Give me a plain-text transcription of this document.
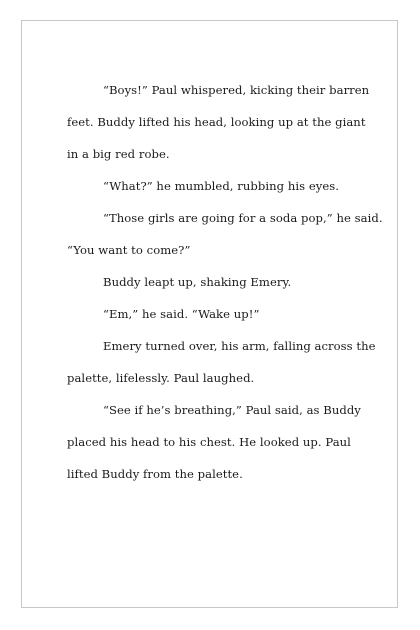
“Boys!” Paul whispered, kicking their barren
feet. Buddy lifted his head, looking up at the giant
in a big red robe.
“What?” he mumbled, rubbing his eyes.
“Those girls are going for a soda pop,” he said.
“You want to come?”
Buddy leapt up, shaking Emery.
“Em,” he said. “Wake up!”
Emery turned over, his arm, falling across the
palette, lifelessly. Paul laughed.
“See if he’s breathing,” Paul said, as Buddy
placed his head to his chest. He looked up. Paul
lifted Buddy from the palette.
